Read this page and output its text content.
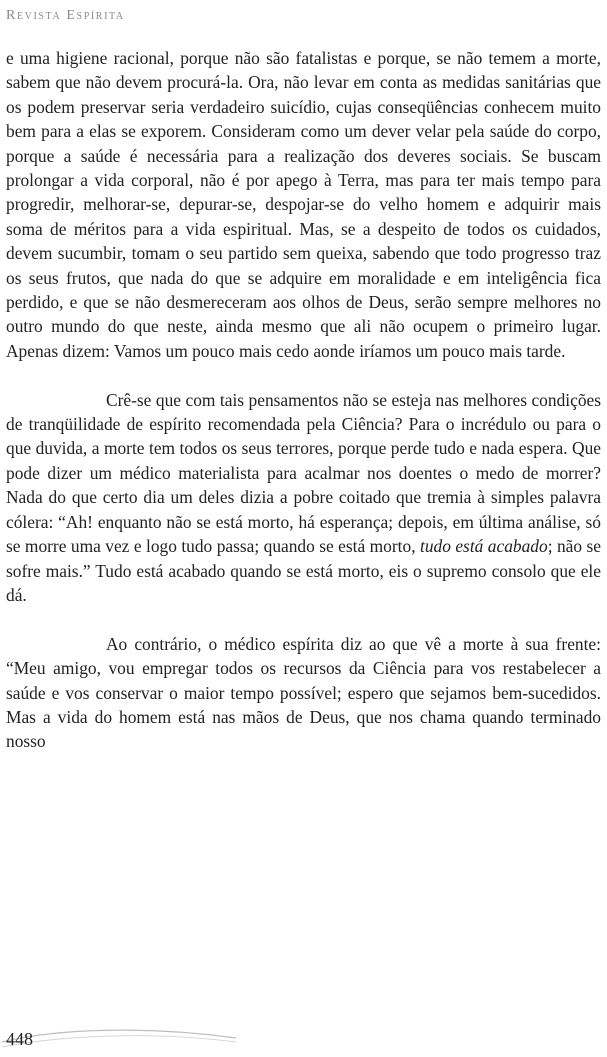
Revista Espírita

e uma higiene racional, porque não são fatalistas e porque, se não temem a morte, sabem que não devem procurá-la. Ora, não levar em conta as medidas sanitárias que os podem preservar seria verdadeiro suicídio, cujas conseqüências conhecem muito bem para a elas se exporem. Consideram como um dever velar pela saúde do corpo, porque a saúde é necessária para a realização dos deveres sociais. Se buscam prolongar a vida corporal, não é por apego à Terra, mas para ter mais tempo para progredir, melhorar-se, depurar-se, despojar-se do velho homem e adquirir mais soma de méritos para a vida espiritual. Mas, se a despeito de todos os cuidados, devem sucumbir, tomam o seu partido sem queixa, sabendo que todo progresso traz os seus frutos, que nada do que se adquire em moralidade e em inteligência fica perdido, e que se não desmereceram aos olhos de Deus, serão sempre melhores no outro mundo do que neste, ainda mesmo que ali não ocupem o primeiro lugar. Apenas dizem: Vamos um pouco mais cedo aonde iríamos um pouco mais tarde.

Crê-se que com tais pensamentos não se esteja nas melhores condições de tranqüilidade de espírito recomendada pela Ciência? Para o incrédulo ou para o que duvida, a morte tem todos os seus terrores, porque perde tudo e nada espera. Que pode dizer um médico materialista para acalmar nos doentes o medo de morrer? Nada do que certo dia um deles dizia a pobre coitado que tremia à simples palavra cólera: “Ah! enquanto não se está morto, há esperança; depois, em última análise, só se morre uma vez e logo tudo passa; quando se está morto, tudo está acabado; não se sofre mais.” Tudo está acabado quando se está morto, eis o supremo consolo que ele dá.

Ao contrário, o médico espírita diz ao que vê a morte à sua frente: “Meu amigo, vou empregar todos os recursos da Ciência para vos restabelecer a saúde e vos conservar o maior tempo possível; espero que sejamos bem-sucedidos. Mas a vida do homem está nas mãos de Deus, que nos chama quando terminado nosso

448
